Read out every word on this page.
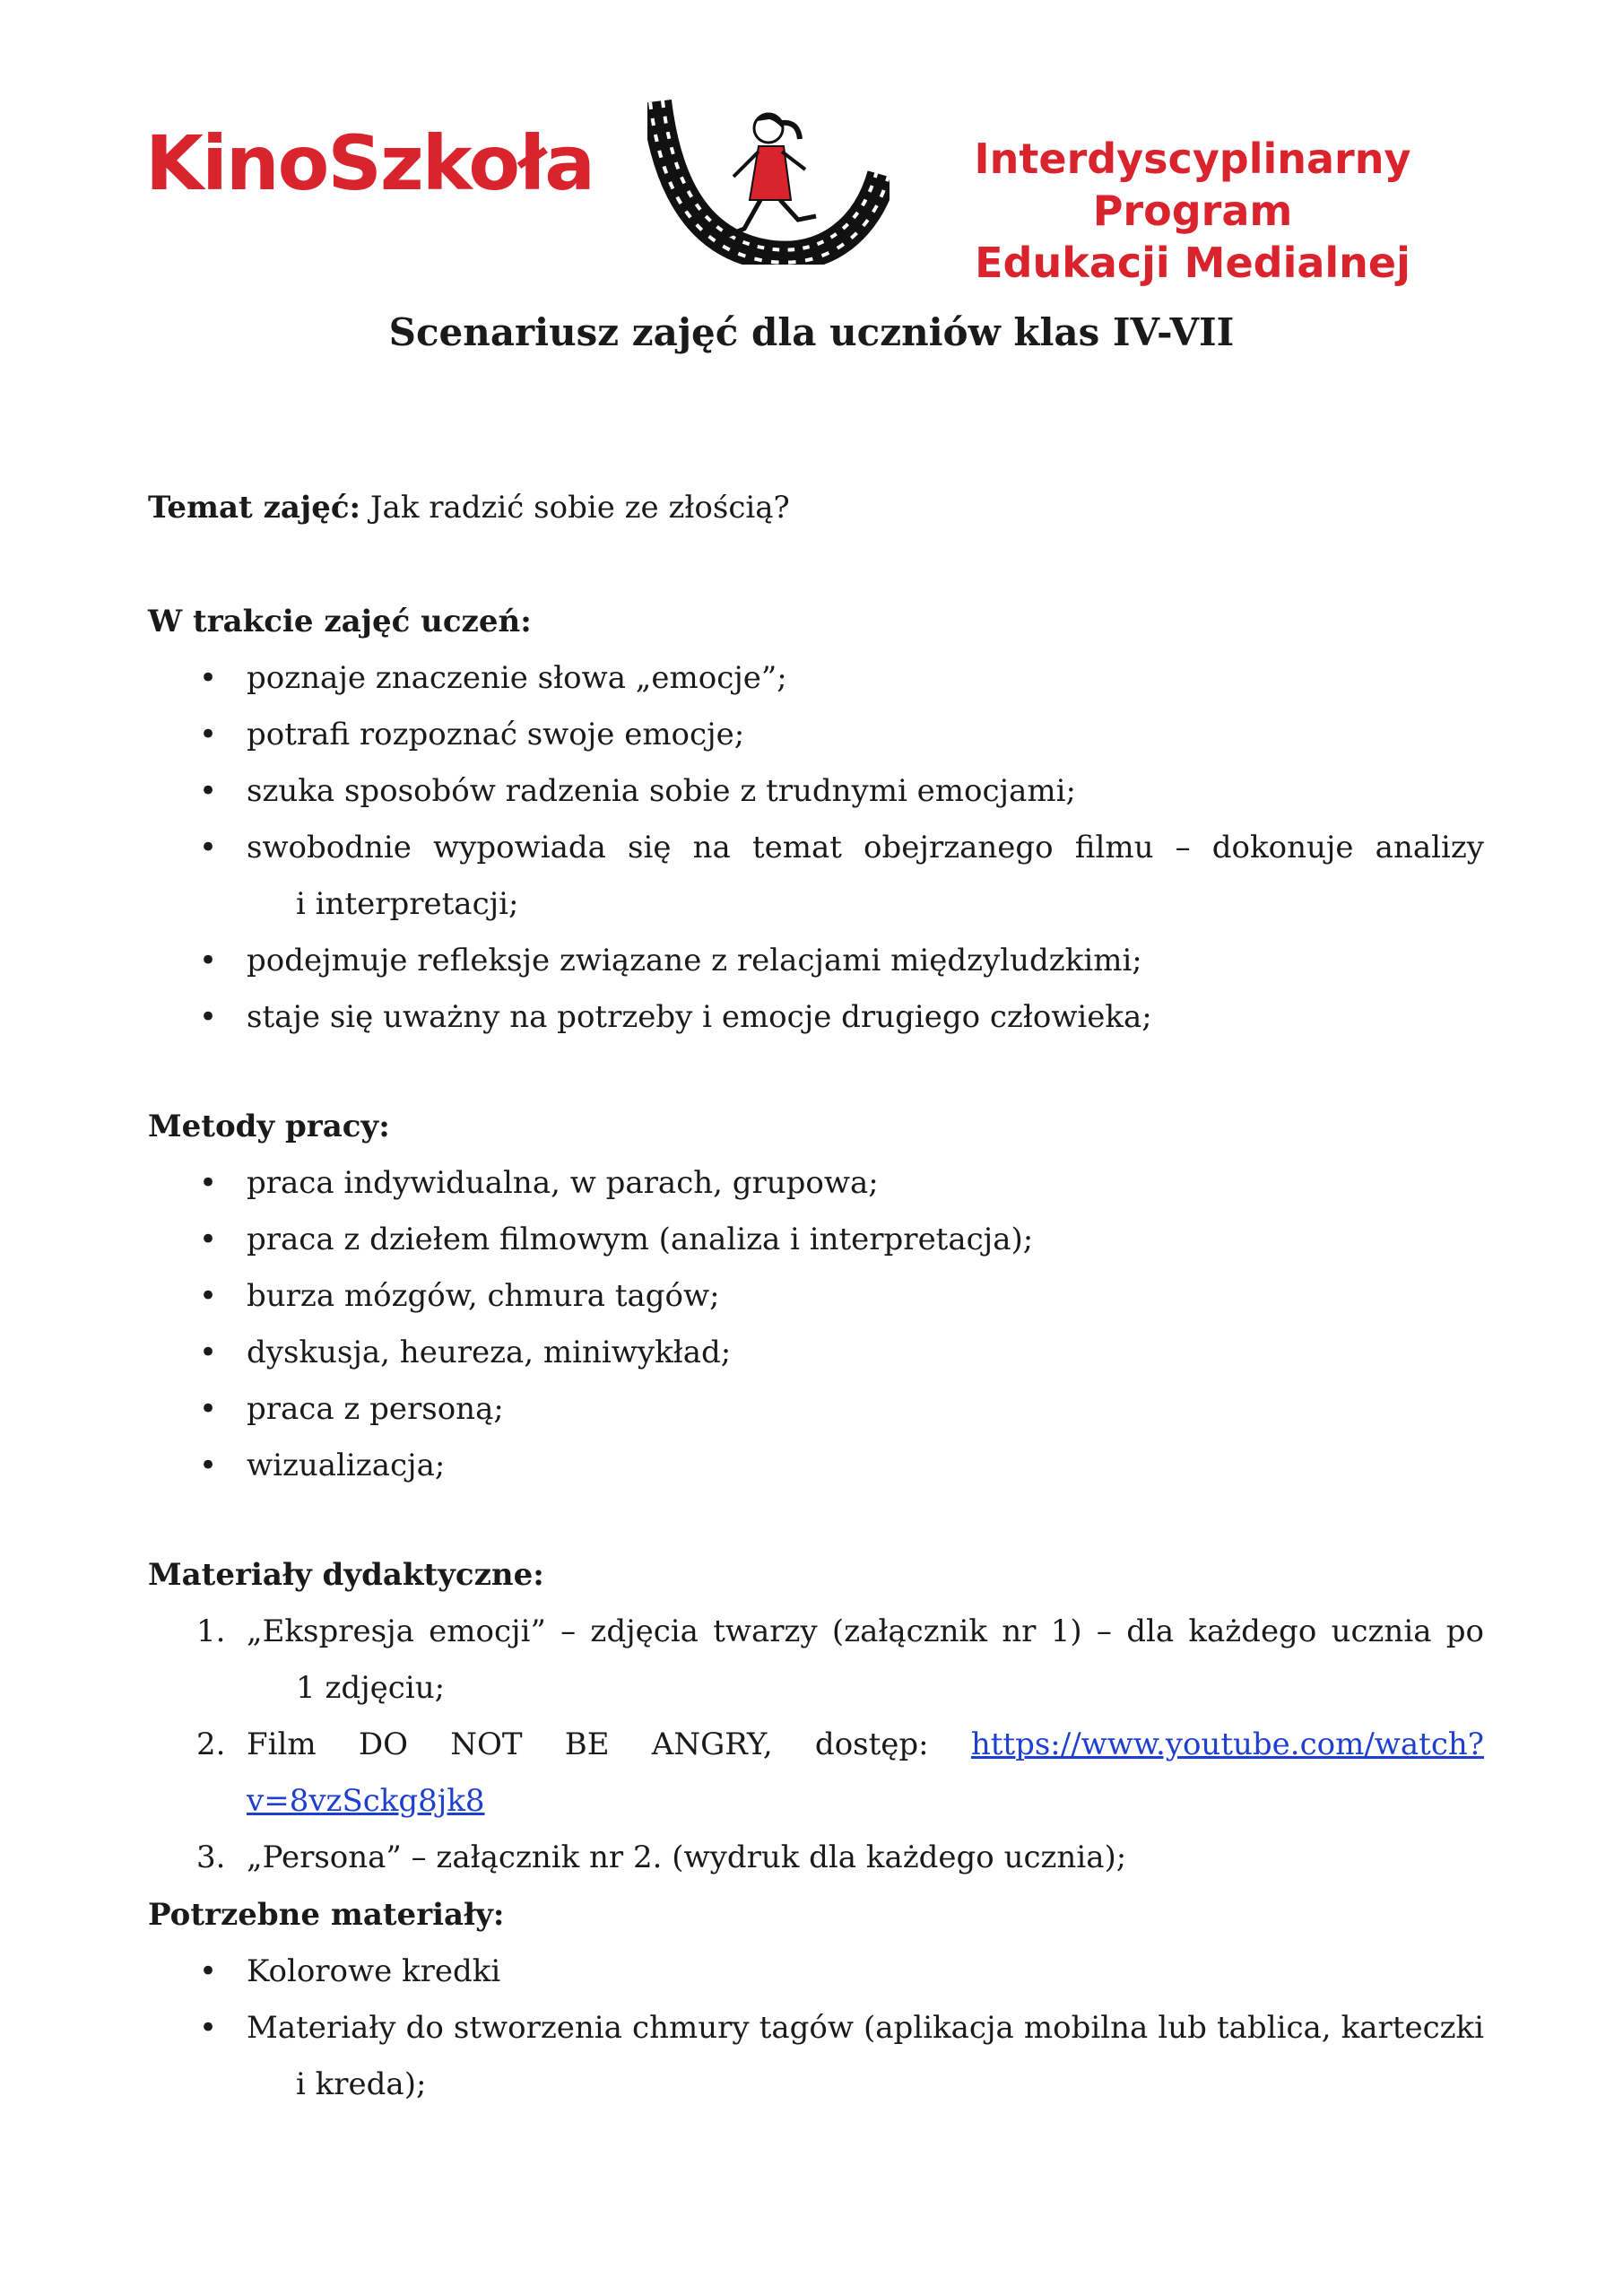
KinoSzkoła	Interdyscyplinarny Program
Edukacji Medialnej
Scenariusz zajęć dla uczniów klas IV-VII
Temat zajęć: Jak radzić sobie ze złością?
W trakcie zajęć uczeń:
• poznaje znaczenie słowa „emocje”;
• potrafi rozpoznać swoje emocje;
• szuka sposobów radzenia sobie z trudnymi emocjami;
• swobodnie wypowiada się na temat obejrzanego filmu – dokonuje analizy
i interpretacji;
• podejmuje refleksje związane z relacjami międzyludzkimi;
• staje się uważny na potrzeby i emocje drugiego człowieka;
Metody pracy:
• praca indywidualna, w parach, grupowa;
• praca z dziełem filmowym (analiza i interpretacja);
• burza mózgów, chmura tagów;
• dyskusja, heureza, miniwykład;
• praca z personą;
• wizualizacja;
Materiały dydaktyczne:
1. „Ekspresja emocji” – zdjęcia twarzy (załącznik nr 1) – dla każdego ucznia po
1 zdjęciu;
2. Film DO NOT BE ANGRY, dostęp: https://www.youtube.com/watch?v=8vzSckg8jk8
3. „Persona” – załącznik nr 2. (wydruk dla każdego ucznia);
Potrzebne materiały:
• Kolorowe kredki
• Materiały do stworzenia chmury tagów (aplikacja mobilna lub tablica, karteczki
i kreda);
